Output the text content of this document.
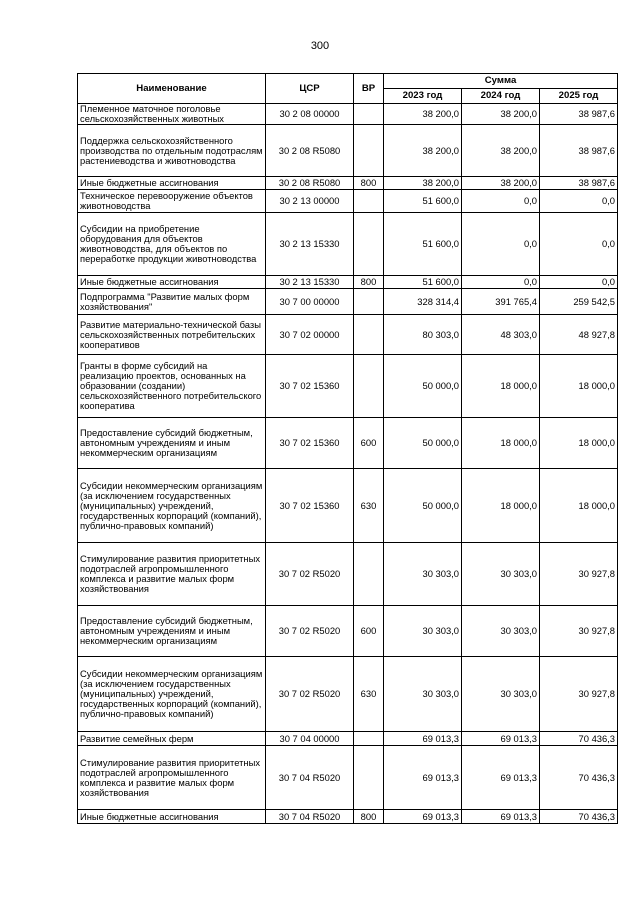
300
Наименование	ЦСР	ВР	Сумма		
			2023 год	2024 год	2025 год
Племенное маточное поголовье сельскохозяйственных животных	30 2 08 00000		38 200,0	38 200,0	38 987,6
Поддержка сельскохозяйственного производства по отдельным подотраслям растениеводства и животноводства	30 2 08 R5080		38 200,0	38 200,0	38 987,6
Иные бюджетные ассигнования	30 2 08 R5080	800	38 200,0	38 200,0	38 987,6
Техническое перевооружение объектов животноводства	30 2 13 00000		51 600,0	0,0	0,0
Субсидии на приобретение оборудования для объектов животноводства, для объектов по переработке продукции животноводства	30 2 13 15330		51 600,0	0,0	0,0
Иные бюджетные ассигнования	30 2 13 15330	800	51 600,0	0,0	0,0
Подпрограмма "Развитие малых форм хозяйствования"	30 7 00 00000		328 314,4	391 765,4	259 542,5
Развитие материально-технической базы сельскохозяйственных потребительских кооперативов	30 7 02 00000		80 303,0	48 303,0	48 927,8
Гранты в форме субсидий на реализацию проектов, основанных на образовании (создании) сельскохозяйственного потребительского кооператива	30 7 02 15360		50 000,0	18 000,0	18 000,0
Предоставление субсидий бюджетным, автономным учреждениям и иным некоммерческим организациям	30 7 02 15360	600	50 000,0	18 000,0	18 000,0
Субсидии некоммерческим организациям (за исключением государственных (муниципальных) учреждений, государственных корпораций (компаний), публично-правовых компаний)	30 7 02 15360	630	50 000,0	18 000,0	18 000,0
Стимулирование развития приоритетных подотраслей агропромышленного комплекса и развитие малых форм хозяйствования	30 7 02 R5020		30 303,0	30 303,0	30 927,8
Предоставление субсидий бюджетным, автономным учреждениям и иным некоммерческим организациям	30 7 02 R5020	600	30 303,0	30 303,0	30 927,8
Субсидии некоммерческим организациям (за исключением государственных (муниципальных) учреждений, государственных корпораций (компаний), публично-правовых компаний)	30 7 02 R5020	630	30 303,0	30 303,0	30 927,8
Развитие семейных ферм	30 7 04 00000		69 013,3	69 013,3	70 436,3
Стимулирование развития приоритетных подотраслей агропромышленного комплекса и развитие малых форм хозяйствования	30 7 04 R5020		69 013,3	69 013,3	70 436,3
Иные бюджетные ассигнования	30 7 04 R5020	800	69 013,3	69 013,3	70 436,3
